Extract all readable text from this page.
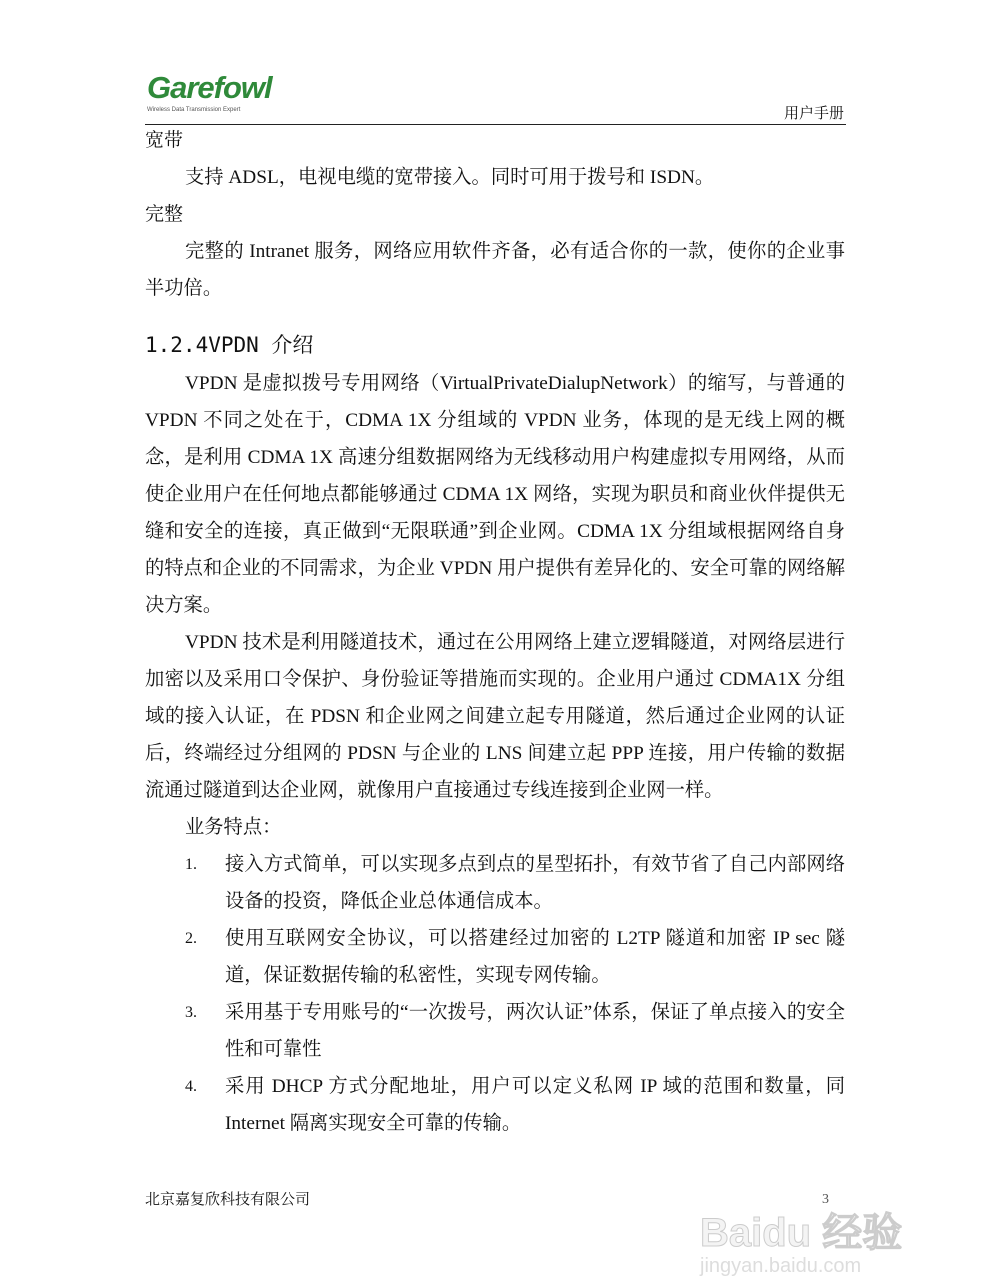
Garefowl
Wireless Data Transmission Expert	用户手册

宽带

支持 ADSL，电视电缆的宽带接入。同时可用于拨号和 ISDN。

完整

完整的 Intranet 服务，网络应用软件齐备，必有适合你的一款，使你的企业事半功倍。

1.2.4VPDN 介绍

VPDN 是虚拟拨号专用网络（VirtualPrivateDialupNetwork）的缩写，与普通的 VPDN 不同之处在于，CDMA 1X 分组域的 VPDN 业务，体现的是无线上网的概念，是利用 CDMA 1X 高速分组数据网络为无线移动用户构建虚拟专用网络，从而使企业用户在任何地点都能够通过 CDMA 1X 网络，实现为职员和商业伙伴提供无缝和安全的连接，真正做到“无限联通”到企业网。CDMA 1X 分组域根据网络自身的特点和企业的不同需求，为企业 VPDN 用户提供有差异化的、安全可靠的网络解决方案。

VPDN 技术是利用隧道技术，通过在公用网络上建立逻辑隧道，对网络层进行加密以及采用口令保护、身份验证等措施而实现的。企业用户通过 CDMA1X 分组域的接入认证，在 PDSN 和企业网之间建立起专用隧道，然后通过企业网的认证后，终端经过分组网的 PDSN 与企业的 LNS 间建立起 PPP 连接，用户传输的数据流通过隧道到达企业网，就像用户直接通过专线连接到企业网一样。

业务特点：

1.	接入方式简单，可以实现多点到点的星型拓扑，有效节省了自己内部网络设备的投资，降低企业总体通信成本。
2.	使用互联网安全协议，可以搭建经过加密的 L2TP 隧道和加密 IP sec 隧道，保证数据传输的私密性，实现专网传输。
3.	采用基于专用账号的“一次拨号，两次认证”体系，保证了单点接入的安全性和可靠性
4.	采用 DHCP 方式分配地址，用户可以定义私网 IP 域的范围和数量，同 Internet 隔离实现安全可靠的传输。
北京嘉复欣科技有限公司	3
Baidu 经验
jingyan.baidu.com
